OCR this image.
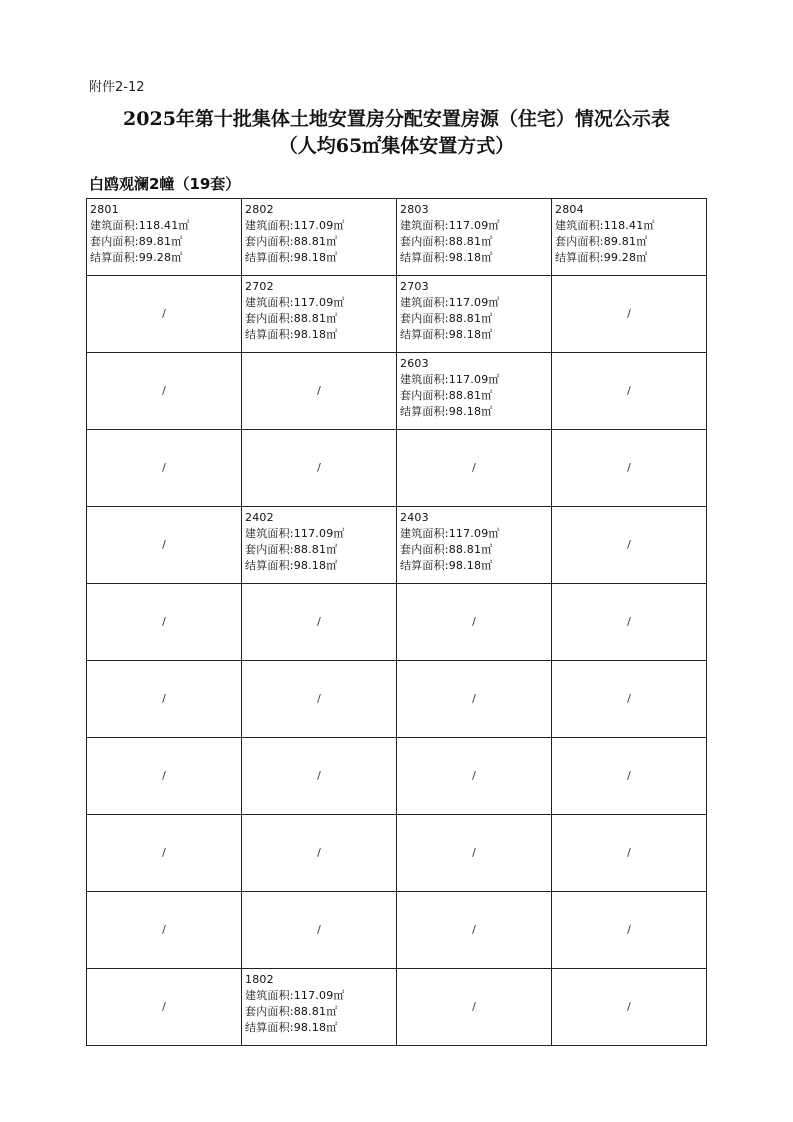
附件2-12
2025年第十批集体土地安置房分配安置房源（住宅）情况公示表
（人均65㎡集体安置方式）
白鸥观澜2幢（19套）
2801
建筑面积:118.41㎡
套内面积:89.81㎡
结算面积:99.28㎡	2802
建筑面积:117.09㎡
套内面积:88.81㎡
结算面积:98.18㎡	2803
建筑面积:117.09㎡
套内面积:88.81㎡
结算面积:98.18㎡	2804
建筑面积:118.41㎡
套内面积:89.81㎡
结算面积:99.28㎡

/	2702
建筑面积:117.09㎡
套内面积:88.81㎡
结算面积:98.18㎡	2703
建筑面积:117.09㎡
套内面积:88.81㎡
结算面积:98.18㎡	/
/	/	2603
建筑面积:117.09㎡
套内面积:88.81㎡
结算面积:98.18㎡	/
/	/	/	/
/	2402
建筑面积:117.09㎡
套内面积:88.81㎡
结算面积:98.18㎡	2403
建筑面积:117.09㎡
套内面积:88.81㎡
结算面积:98.18㎡	/
/	/	/	/
/	/	/	/
/	/	/	/
/	/	/	/
/	/	/	/
/	1802
建筑面积:117.09㎡
套内面积:88.81㎡
结算面积:98.18㎡	/	/
